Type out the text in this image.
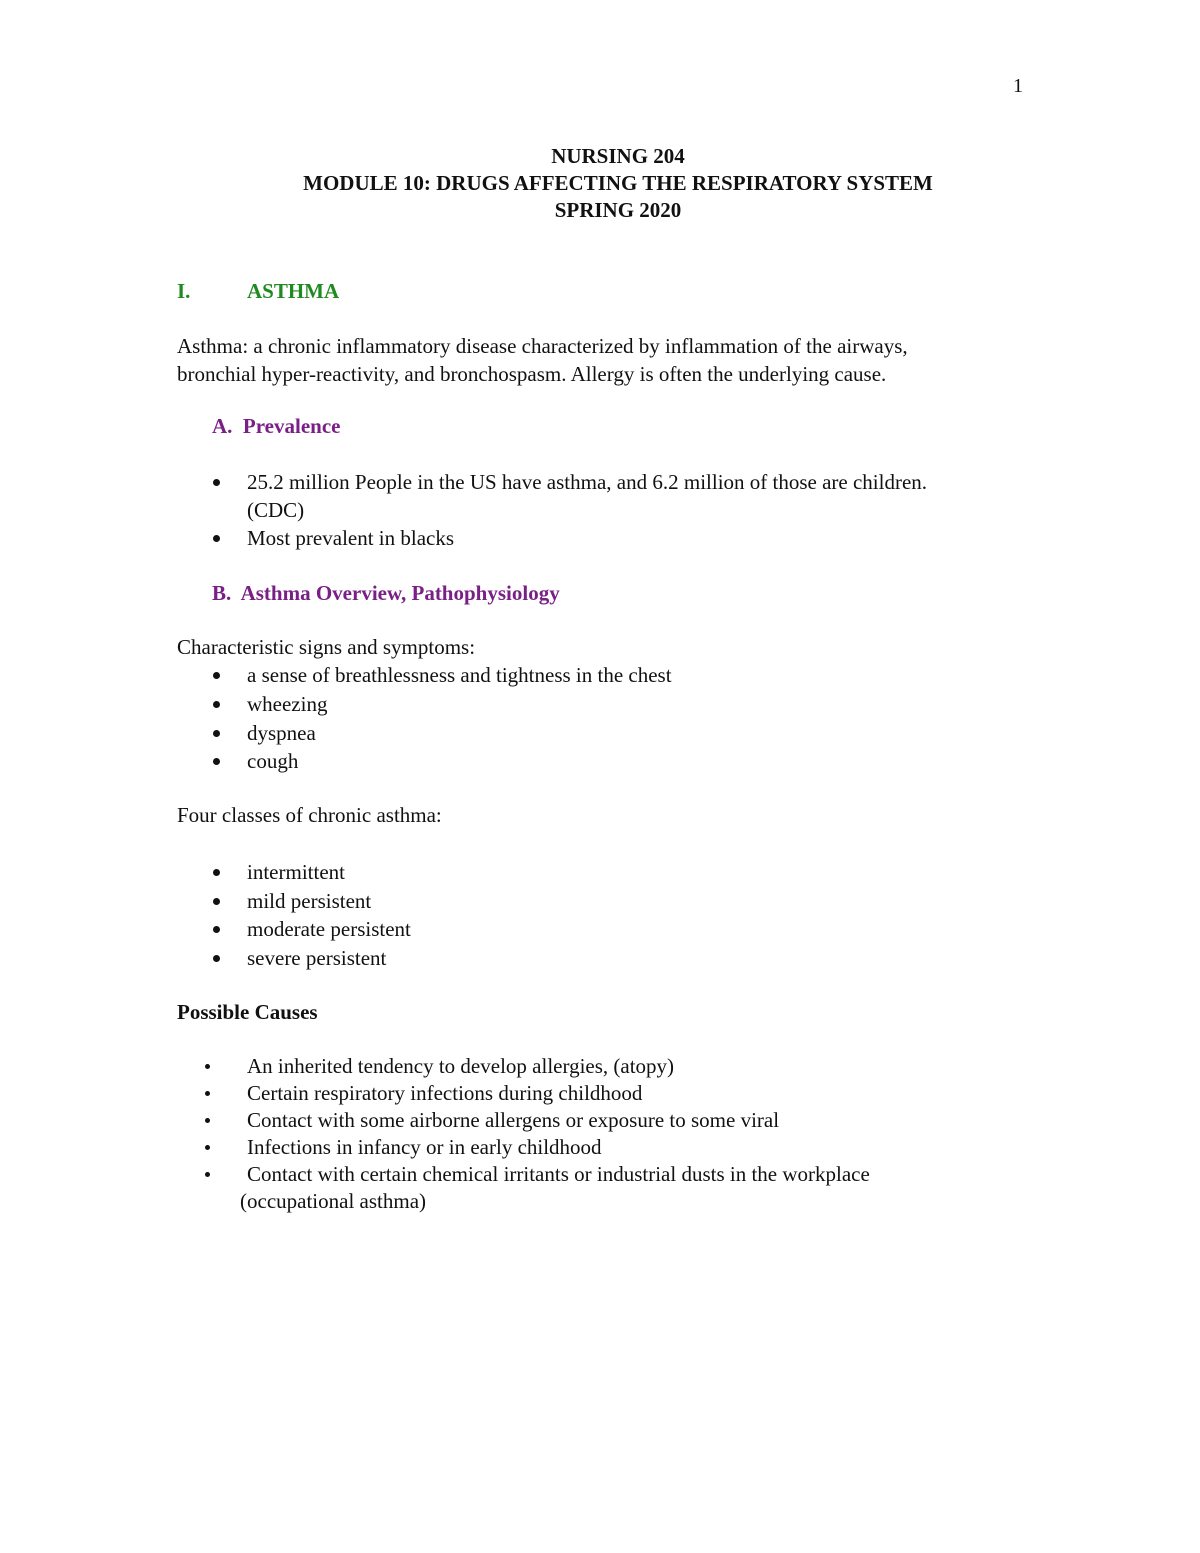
1
NURSING 204
MODULE 10: DRUGS AFFECTING THE RESPIRATORY SYSTEM
SPRING 2020
I.	ASTHMA
Asthma: a chronic inflammatory disease characterized by inflammation of the airways,
bronchial hyper-reactivity, and bronchospasm. Allergy is often the underlying cause.
A.  Prevalence
25.2 million People in the US have asthma, and 6.2 million of those are children.
(CDC)
Most prevalent in blacks
B.  Asthma Overview, Pathophysiology
Characteristic signs and symptoms:
a sense of breathlessness and tightness in the chest
wheezing
dyspnea
cough
Four classes of chronic asthma:
intermittent
mild persistent
moderate persistent
severe persistent
Possible Causes
An inherited tendency to develop allergies, (atopy)
Certain respiratory infections during childhood
Contact with some airborne allergens or exposure to some viral
Infections in infancy or in early childhood
Contact with certain chemical irritants or industrial dusts in the workplace
(occupational asthma)
